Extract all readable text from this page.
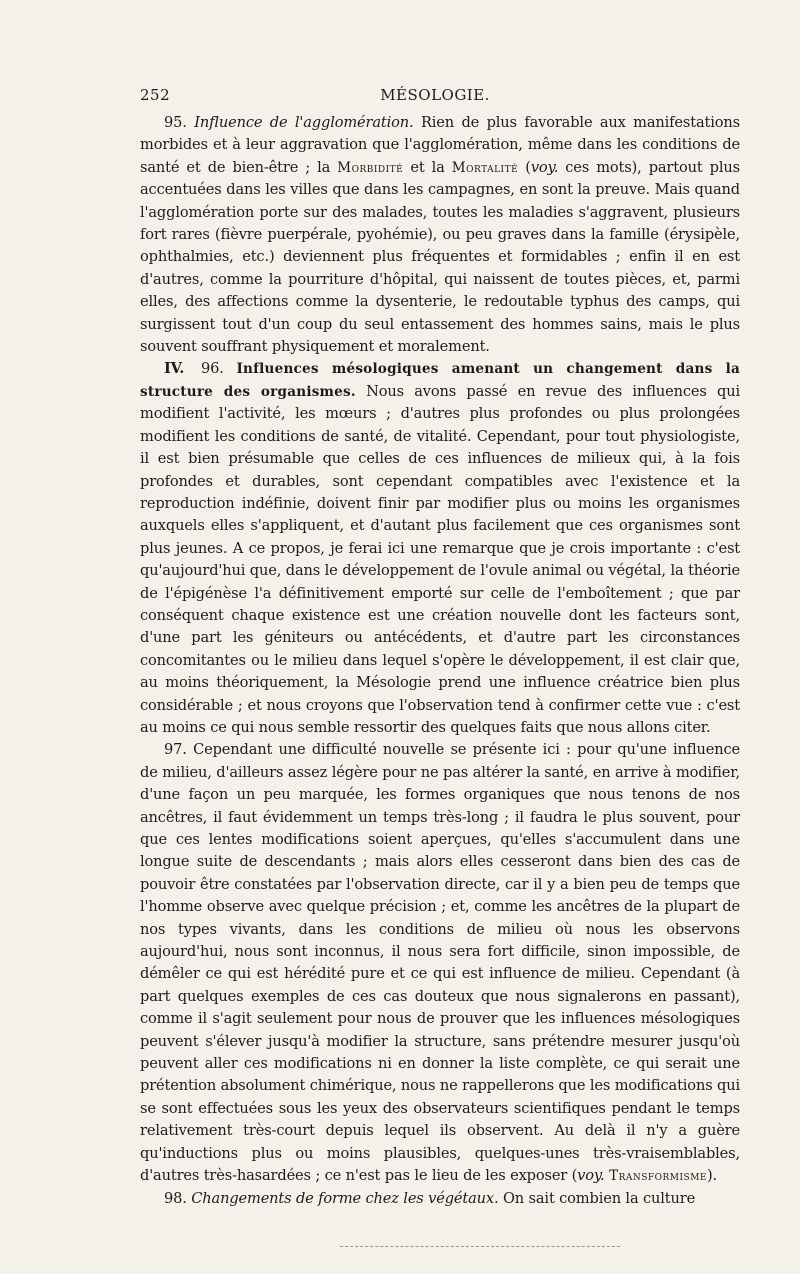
252	MÉSOLOGIE.

95. Influence de l'agglomération. Rien de plus favorable aux manifestations morbides et à leur aggravation que l'agglomération, même dans les conditions de santé et de bien-être ; la Morbidité et la Mortalité (voy. ces mots), partout plus accentuées dans les villes que dans les campagnes, en sont la preuve. Mais quand l'agglomération porte sur des malades, toutes les maladies s'aggravent, plusieurs fort rares (fièvre puerpérale, pyohémie), ou peu graves dans la famille (érysipèle, ophthalmies, etc.) deviennent plus fréquentes et formidables ; enfin il en est d'autres, comme la pourriture d'hôpital, qui naissent de toutes pièces, et, parmi elles, des affections comme la dysenterie, le redoutable typhus des camps, qui surgissent tout d'un coup du seul entassement des hommes sains, mais le plus souvent souffrant physiquement et moralement.

IV. 96. Influences mésologiques amenant un changement dans la structure des organismes. Nous avons passé en revue des influences qui modifient l'activité, les mœurs ; d'autres plus profondes ou plus prolongées modifient les conditions de santé, de vitalité. Cependant, pour tout physiologiste, il est bien présumable que celles de ces influences de milieux qui, à la fois profondes et durables, sont cependant compatibles avec l'existence et la reproduction indéfinie, doivent finir par modifier plus ou moins les organismes auxquels elles s'appliquent, et d'autant plus facilement que ces organismes sont plus jeunes. A ce propos, je ferai ici une remarque que je crois importante : c'est qu'aujourd'hui que, dans le développement de l'ovule animal ou végétal, la théorie de l'épigénèse l'a définitivement emporté sur celle de l'emboîtement ; que par conséquent chaque existence est une création nouvelle dont les facteurs sont, d'une part les géniteurs ou antécédents, et d'autre part les circonstances concomitantes ou le milieu dans lequel s'opère le développement, il est clair que, au moins théoriquement, la Mésologie prend une influence créatrice bien plus considérable ; et nous croyons que l'observation tend à confirmer cette vue : c'est au moins ce qui nous semble ressortir des quelques faits que nous allons citer.

97. Cependant une difficulté nouvelle se présente ici : pour qu'une influence de milieu, d'ailleurs assez légère pour ne pas altérer la santé, en arrive à modifier, d'une façon un peu marquée, les formes organiques que nous tenons de nos ancêtres, il faut évidemment un temps très-long ; il faudra le plus souvent, pour que ces lentes modifications soient aperçues, qu'elles s'accumulent dans une longue suite de descendants ; mais alors elles cesseront dans bien des cas de pouvoir être constatées par l'observation directe, car il y a bien peu de temps que l'homme observe avec quelque précision ; et, comme les ancêtres de la plupart de nos types vivants, dans les conditions de milieu où nous les observons aujourd'hui, nous sont inconnus, il nous sera fort difficile, sinon impossible, de démêler ce qui est hérédité pure et ce qui est influence de milieu. Cependant (à part quelques exemples de ces cas douteux que nous signalerons en passant), comme il s'agit seulement pour nous de prouver que les influences mésologiques peuvent s'élever jusqu'à modifier la structure, sans prétendre mesurer jusqu'où peuvent aller ces modifications ni en donner la liste complète, ce qui serait une prétention absolument chimérique, nous ne rappellerons que les modifications qui se sont effectuées sous les yeux des observateurs scientifiques pendant le temps relativement très-court depuis lequel ils observent. Au delà il n'y a guère qu'inductions plus ou moins plausibles, quelques-unes très-vraisemblables, d'autres très-hasardées ; ce n'est pas le lieu de les exposer (voy. Transformisme).

98. Changements de forme chez les végétaux. On sait combien la culture
